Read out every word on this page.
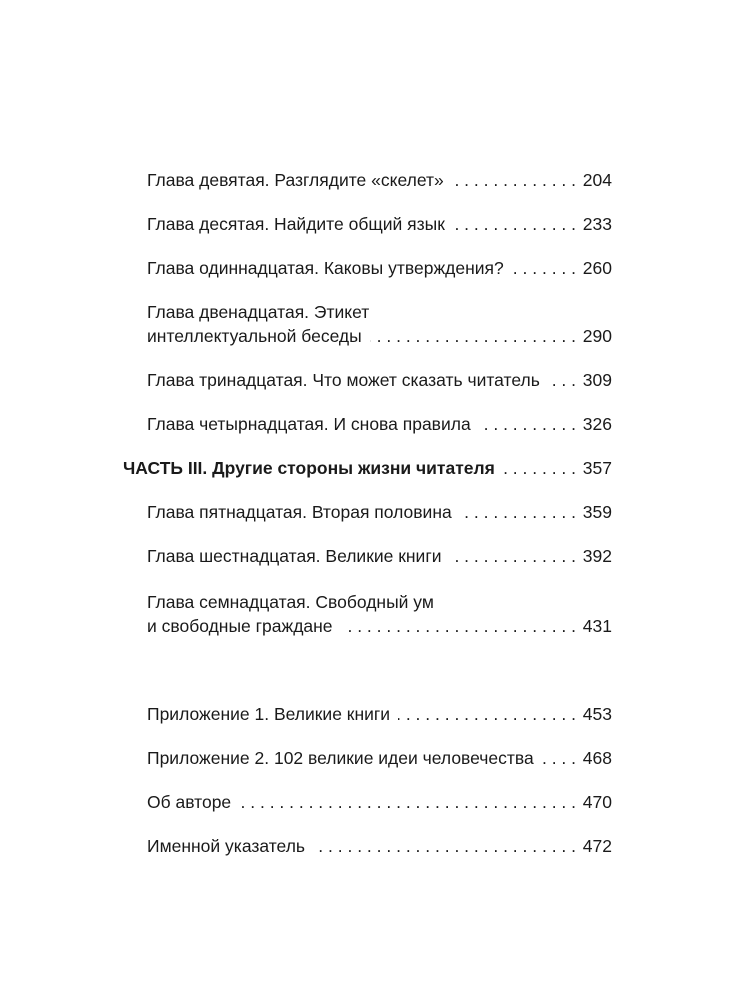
Глава девятая. Разглядите «скелет» . . .	204
Глава десятая. Найдите общий язык . . .	233
Глава одиннадцатая. Каковы утверждения? . . .	260
Глава двенадцатая. Этикет
интеллектуальной беседы . . .	290
Глава тринадцатая. Что может сказать читатель . . . 309
Глава четырнадцатая. И снова правила . . .	326
ЧАСТЬ III. Другие стороны жизни читателя . . .	357
Глава пятнадцатая. Вторая половина . . .	359
Глава шестнадцатая. Великие книги . . .	392
Глава семнадцатая. Свободный ум
и свободные граждане . . .	431
Приложение 1. Великие книги . . .	453
Приложение 2. 102 великие идеи человечества . . .	468
Об авторе . . .	470
Именной указатель . . .	472
